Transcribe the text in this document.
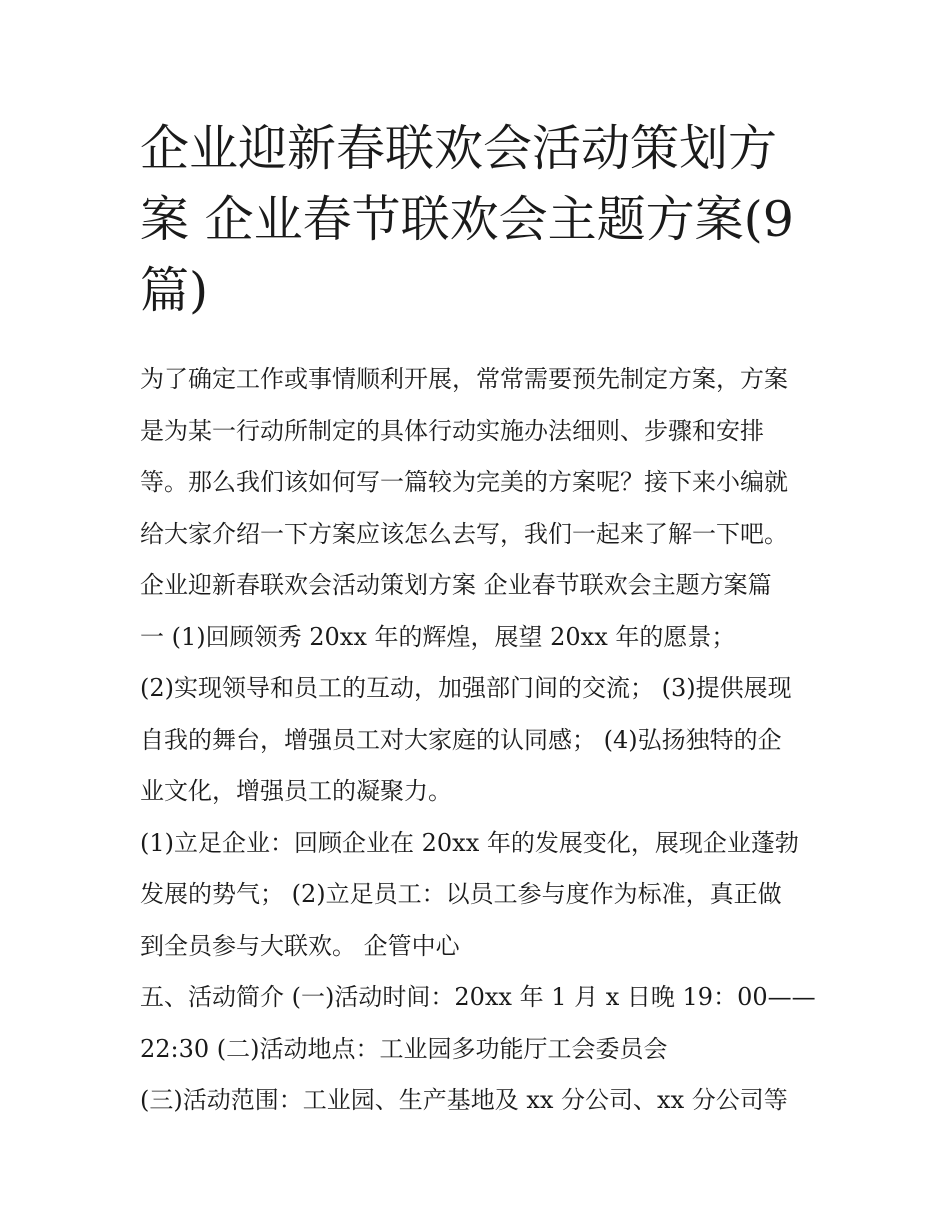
企业迎新春联欢会活动策划方
案 企业春节联欢会主题方案(9
篇)
为了确定工作或事情顺利开展，常常需要预先制定方案，方案
是为某一行动所制定的具体行动实施办法细则、步骤和安排
等。那么我们该如何写一篇较为完美的方案呢？接下来小编就
给大家介绍一下方案应该怎么去写，我们一起来了解一下吧。
企业迎新春联欢会活动策划方案 企业春节联欢会主题方案篇
一 (1)回顾领秀 20xx 年的辉煌，展望 20xx 年的愿景；
(2)实现领导和员工的互动，加强部门间的交流； (3)提供展现
自我的舞台，增强员工对大家庭的认同感； (4)弘扬独特的企
业文化，增强员工的凝聚力。
(1)立足企业：回顾企业在 20xx 年的发展变化，展现企业蓬勃
发展的势气； (2)立足员工：以员工参与度作为标准，真正做
到全员参与大联欢。 企管中心
五、活动简介 (一)活动时间：20xx 年 1 月 x 日晚 19：00——
22:30 (二)活动地点：工业园多功能厅工会委员会
(三)活动范围：工业园、生产基地及 xx 分公司、xx 分公司等
